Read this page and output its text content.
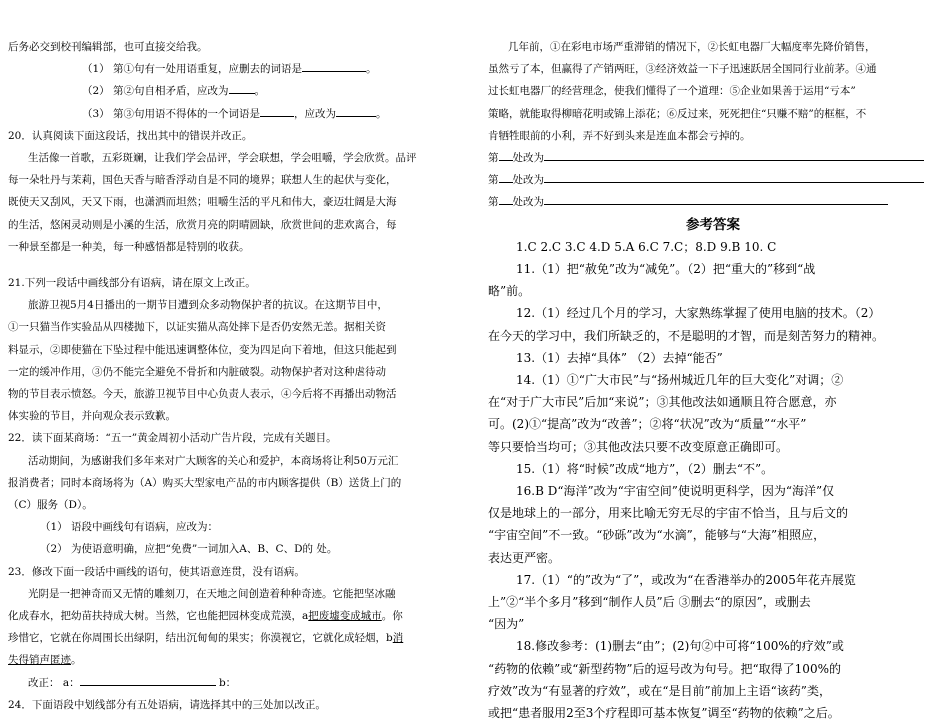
后务必交到校刊编辑部，也可直接交给我。
（1） 第①句有一处用语重复，应删去的词语是	。
（2） 第②句自相矛盾，应改为 。
（3） 第③句用语不得体的一个词语是	，应改为	。
20．认真阅读下面这段话，找出其中的错误并改正。
生活像一首歌，五彩斑斓，让我们学会品评，学会联想，学会咀嚼，学会欣赏。品评
每一朵牡丹与茉莉，国色天香与暗香浮动自是不同的境界；联想人生的起伏与变化，
既使天又刮风，天又下雨，也潇洒而坦然；咀嚼生活的平凡和伟大，豪迈壮阔是大海
的生活，悠闲灵动则是小溪的生活，欣赏月亮的阴晴圆缺，欣赏世间的悲欢离合，每
一种景至都是一种美，每一种感悟都是特别的收获。
21.下列一段话中画线部分有语病，请在原文上改正。
旅游卫视5月4日播出的一期节目遭到众多动物保护者的抗议。在这期节目中，
①一只猫当作实验品从四楼抛下，以证实猫从高处摔下是否仍安然无恙。据相关资
料显示，②即使猫在下坠过程中能迅速调整体位，变为四足向下着地，但这只能起到
一定的缓冲作用，③仍不能完全避免不骨折和内脏破裂。动物保护者对这种虐待动
物的节目表示愤怒。今天，旅游卫视节目中心负责人表示，④今后将不再播出动物活
体实验的节目，并向观众表示致歉。
22．读下面某商场：“五一”黄金周初小活动广告片段，完成有关题目。
活动期间，为感谢我们多年来对广大顾客的关心和爱护，本商场将让利50万元汇
报消费者；同时本商场将为（A）购买大型家电产品的市内顾客提供（B）送货上门的
（C）服务（D）。
（1） 语段中画线句有语病，应改为：
（2） 为使语意明确，应把“免费”一词加入A、B、C、D的 处。
23．修改下面一段话中画线的语句，使其语意连贯，没有语病。
光阴是一把神奇而又无情的雕刻刀，在天地之间创造着种种奇迹。它能把坚冰融
化成春水，把幼苗扶持成大树。当然，它也能把园林变成荒漠，a把废墟变成城市。你
珍惜它，它就在你周围长出绿阴，结出沉甸甸的果实；你漠视它，它就化成轻烟，b消
失得销声匿迹。
改正： a：	b：
24．下面语段中划线部分有五处语病，请选择其中的三处加以改正。
几年前，①在彩电市场严重滞销的情况下，②长虹电器厂大幅度率先降价销售，
虽然亏了本，但赢得了产销两旺，③经济效益一下子迅速跃居全国同行业前茅。④通
过长虹电器厂的经营理念，使我们懂得了一个道理：⑤企业如果善于运用“亏本”
策略，就能取得柳暗花明或锦上添花；⑥反过来，死死把住“只赚不赔”的框框，不
肯牺牲眼前的小利，弄不好到头来是连血本都会亏掉的。
第 处改为
第 处改为
第 处改为
参考答案
1.C 2.C 3.C 4.D 5.A 6.C 7.C；8.D 9.B 10. C
11.（1）把“赦免”改为“减免”。（2）把“重大的”移到“战
略”前。
12.（1）经过几个月的学习，大家熟练掌握了使用电脑的技术。（2）
在今天的学习中，我们所缺乏的，不是聪明的才智，而是刻苦努力的精神。
13.（1）去掉“具体” （2）去掉“能否”
14.（1）①“广大市民”与“扬州城近几年的巨大变化”对调；②
在“对于广大市民”后加“来说”；③其他改法如通顺且符合愿意，亦
可。(2)①“提高”改为“改善”；②将“状况”改为“质量”“水平”
等只要恰当均可；③其他改法只要不改变原意正确即可。
15.（1）将“时候”改成“地方”，（2）删去“不”。
16.B D“海洋”改为“宇宙空间”使说明更科学，因为“海洋”仅
仅是地球上的一部分，用来比喻无穷无尽的宇宙不恰当，且与后文的
“宇宙空间”不一致。“砂砾”改为“水滴”，能够与“大海”相照应，
表达更严密。
17.（1）“的”改为“了”，或改为“在香港举办的2005年花卉展览
上”②“半个多月”移到“制作人员”后 ③删去“的原因”，或删去
“因为”
18.修改参考：(1)删去“由”；(2)句②中可将“100%的疗效”或
“药物的依赖”或“新型药物”后的逗号改为句号。把“取得了100%的
疗效”改为“有显著的疗效”，或在“是目前”前加上主语“该药”类，
或把“患者服用2至3个疗程即可基本恢复”调至“药物的依赖”之后。
